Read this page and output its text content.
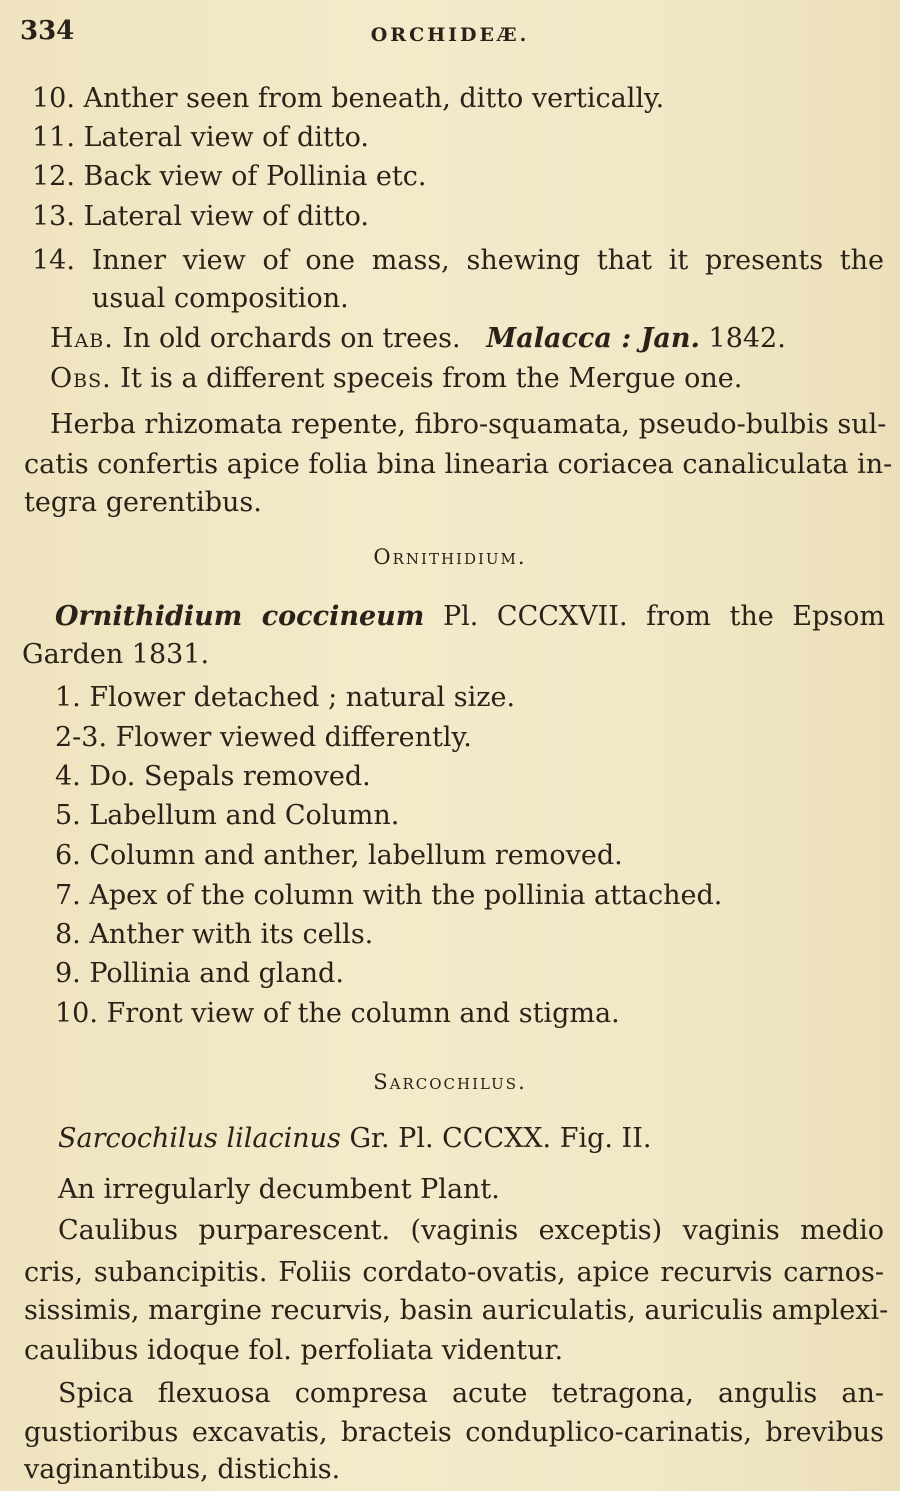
334	ORCHIDEÆ.
10. Anther seen from beneath, ditto vertically.
11. Lateral view of ditto.
12. Back view of Pollinia etc.
13. Lateral view of ditto.
14. Inner view of one mass, shewing that it presents the
usual composition.
Hab. In old orchards on trees. Malacca : Jan. 1842.
Obs. It is a different speceis from the Mergue one.
Herba rhizomata repente, fibro-squamata, pseudo-bulbis sul-
catis confertis apice folia bina linearia coriacea canaliculata in-
tegra gerentibus.
Ornithidium.
Ornithidium coccineum Pl. CCCXVII. from the Epsom
Garden 1831.
1. Flower detached ; natural size.
2-3. Flower viewed differently.
4. Do. Sepals removed.
5. Labellum and Column.
6. Column and anther, labellum removed.
7. Apex of the column with the pollinia attached.
8. Anther with its cells.
9. Pollinia and gland.
10. Front view of the column and stigma.
Sarcochilus.
Sarcochilus lilacinus Gr. Pl. CCCXX. Fig. II.
An irregularly decumbent Plant.
Caulibus purparescent. (vaginis exceptis) vaginis medio
cris, subancipitis. Foliis cordato-ovatis, apice recurvis carnos-
sissimis, margine recurvis, basin auriculatis, auriculis amplexi-
caulibus idoque fol. perfoliata videntur.
Spica flexuosa compresa acute tetragona, angulis an-
gustioribus excavatis, bracteis conduplico-carinatis, brevibus
vaginantibus, distichis.
